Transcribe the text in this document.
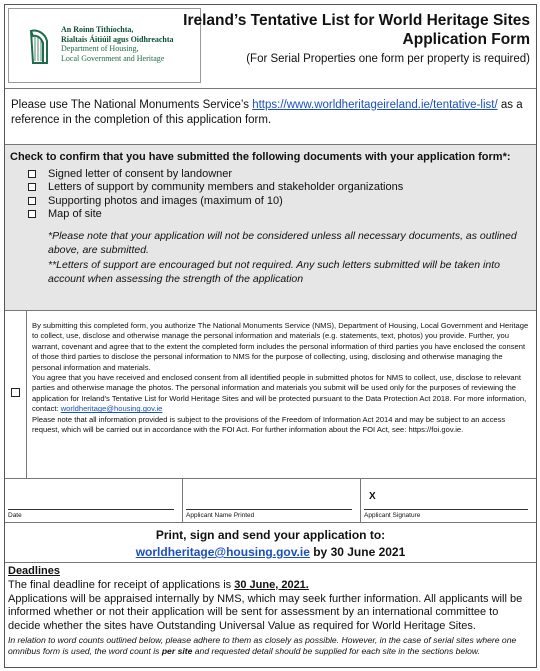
An Roinn Tithíochta,
Rialtais Áitiúil agus Oidhreachta
Department of Housing,
Local Government and Heritage
Ireland’s Tentative List for World Heritage Sites
Application Form
(For Serial Properties one form per property is required)
Please use The National Monuments Service’s https://www.worldheritageireland.ie/tentative-list/ as a reference in the completion of this application form.
Check to confirm that you have submitted the following documents with your application form*:
Signed letter of consent by landowner
Letters of support by community members and stakeholder organizations
Supporting photos and images (maximum of 10)
Map of site
*Please note that your application will not be considered unless all necessary documents, as outlined above, are submitted.
**Letters of support are encouraged but not required. Any such letters submitted will be taken into account when assessing the strength of the application
By submitting this completed form, you authorize The National Monuments Service (NMS), Department of Housing, Local Government and Heritage to collect, use, disclose and otherwise manage the personal information and materials (e.g. statements, text, photos) you provide. Further, you warrant, covenant and agree that to the extent the completed form includes the personal information of third parties you have enclosed the consent of those third parties to disclose the personal information to NMS for the purpose of collecting, using, disclosing and otherwise managing the personal information and materials.
You agree that you have received and enclosed consent from all identified people in submitted photos for NMS to collect, use, disclose to relevant parties and otherwise manage the photos. The personal information and materials you submit will be used only for the purposes of reviewing the application for Ireland's Tentative List for World Heritage Sites and will be protected pursuant to the Data Protection Act 2018. For more information, contact: worldheritage@housing.gov.ie
Please note that all information provided is subject to the provisions of the Freedom of Information Act 2014 and may be subject to an access request, which will be carried out in accordance with the FOI Act. For further information about the FOI Act, see: https://foi.gov.ie.
Date	Applicant Name Printed
X
Applicant Signature
Print, sign and send your application to:
worldheritage@housing.gov.ie by 30 June 2021
Deadlines
The final deadline for receipt of applications is 30 June, 2021.
Applications will be appraised internally by NMS, which may seek further information. All applicants will be informed whether or not their application will be sent for assessment by an international committee to decide whether the sites have Outstanding Universal Value as required for World Heritage Sites.
In relation to word counts outlined below, please adhere to them as closely as possible. However, in the case of serial sites where one omnibus form is used, the word count is per site and requested detail should be supplied for each site in the sections below.
